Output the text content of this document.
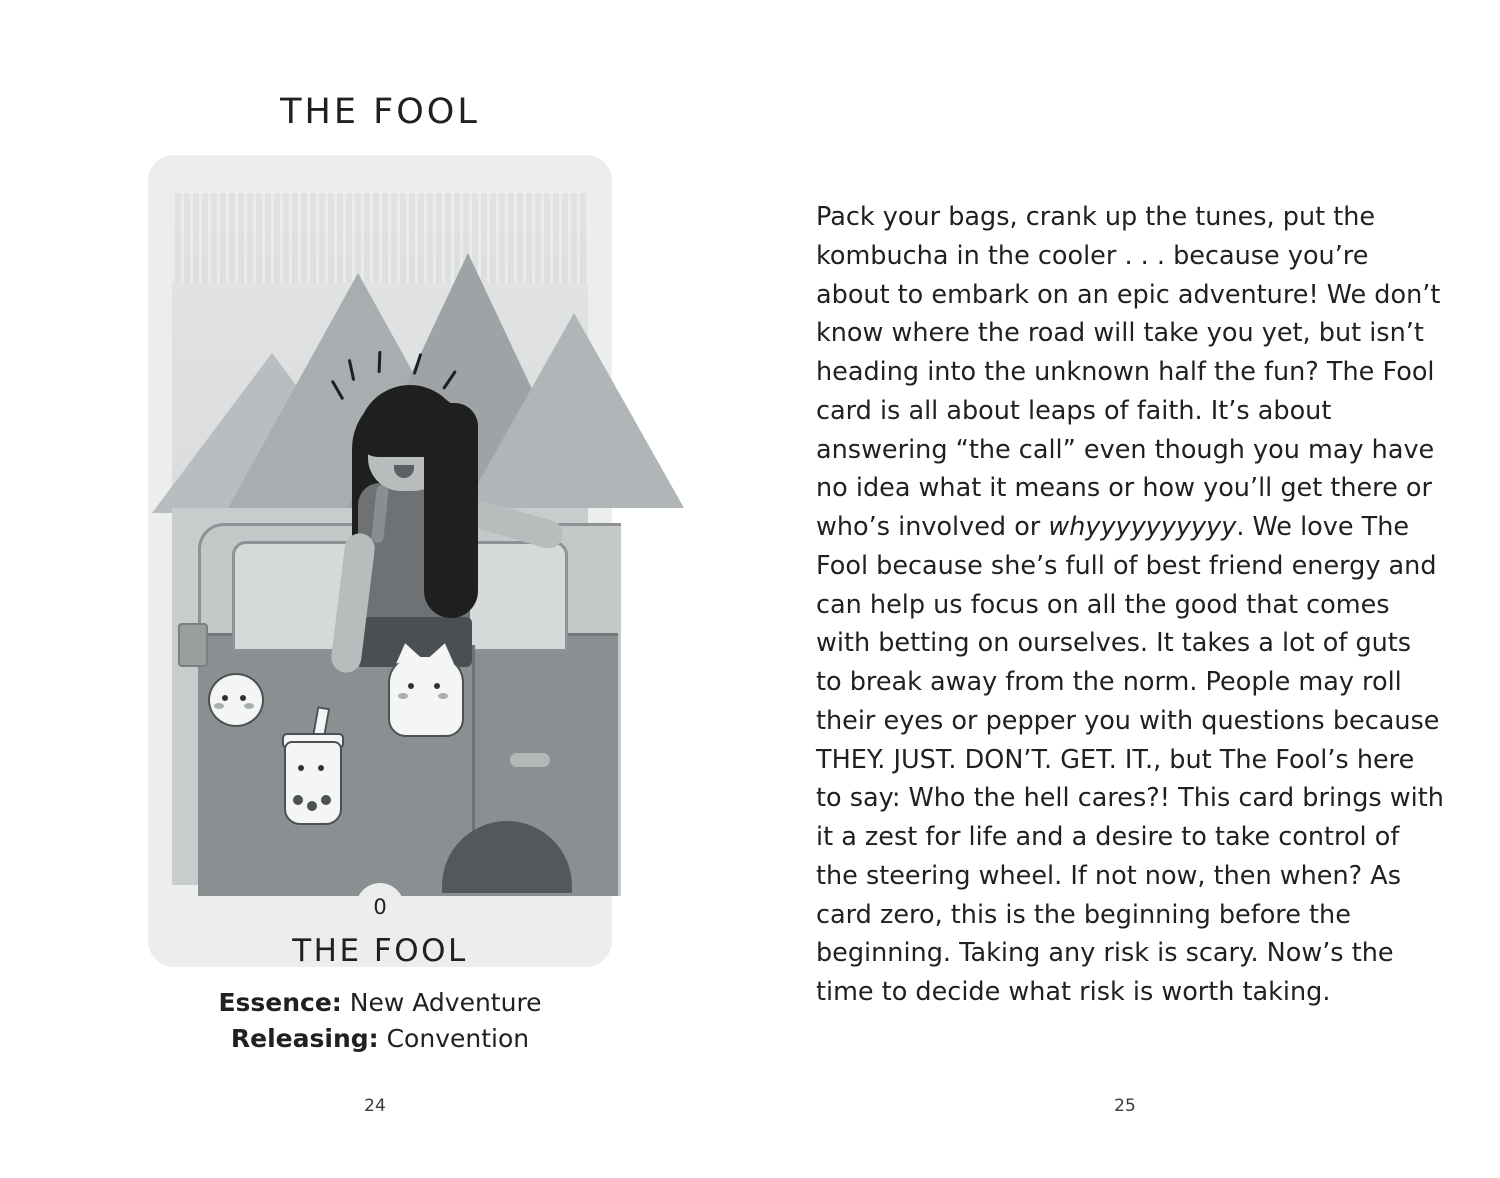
THE FOOL
0
THE FOOL
Essence: New Adventure
Releasing: Convention
24
Pack your bags, crank up the tunes, put the kombucha in the cooler . . . because you’re about to embark on an epic adventure! We don’t know where the road will take you yet, but isn’t heading into the unknown half the fun? The Fool card is all about leaps of faith. It’s about answering “the call” even though you may have no idea what it means or how you’ll get there or who’s involved or whyyyyyyyyyy. We love The Fool because she’s full of best friend energy and can help us focus on all the good that comes with betting on ourselves. It takes a lot of guts to break away from the norm. People may roll their eyes or pepper you with questions because THEY. JUST. DON’T. GET. IT., but The Fool’s here to say: Who the hell cares?! This card brings with it a zest for life and a desire to take control of the steering wheel. If not now, then when? As card zero, this is the beginning before the beginning. Taking any risk is scary. Now’s the time to decide what risk is worth taking.
25
